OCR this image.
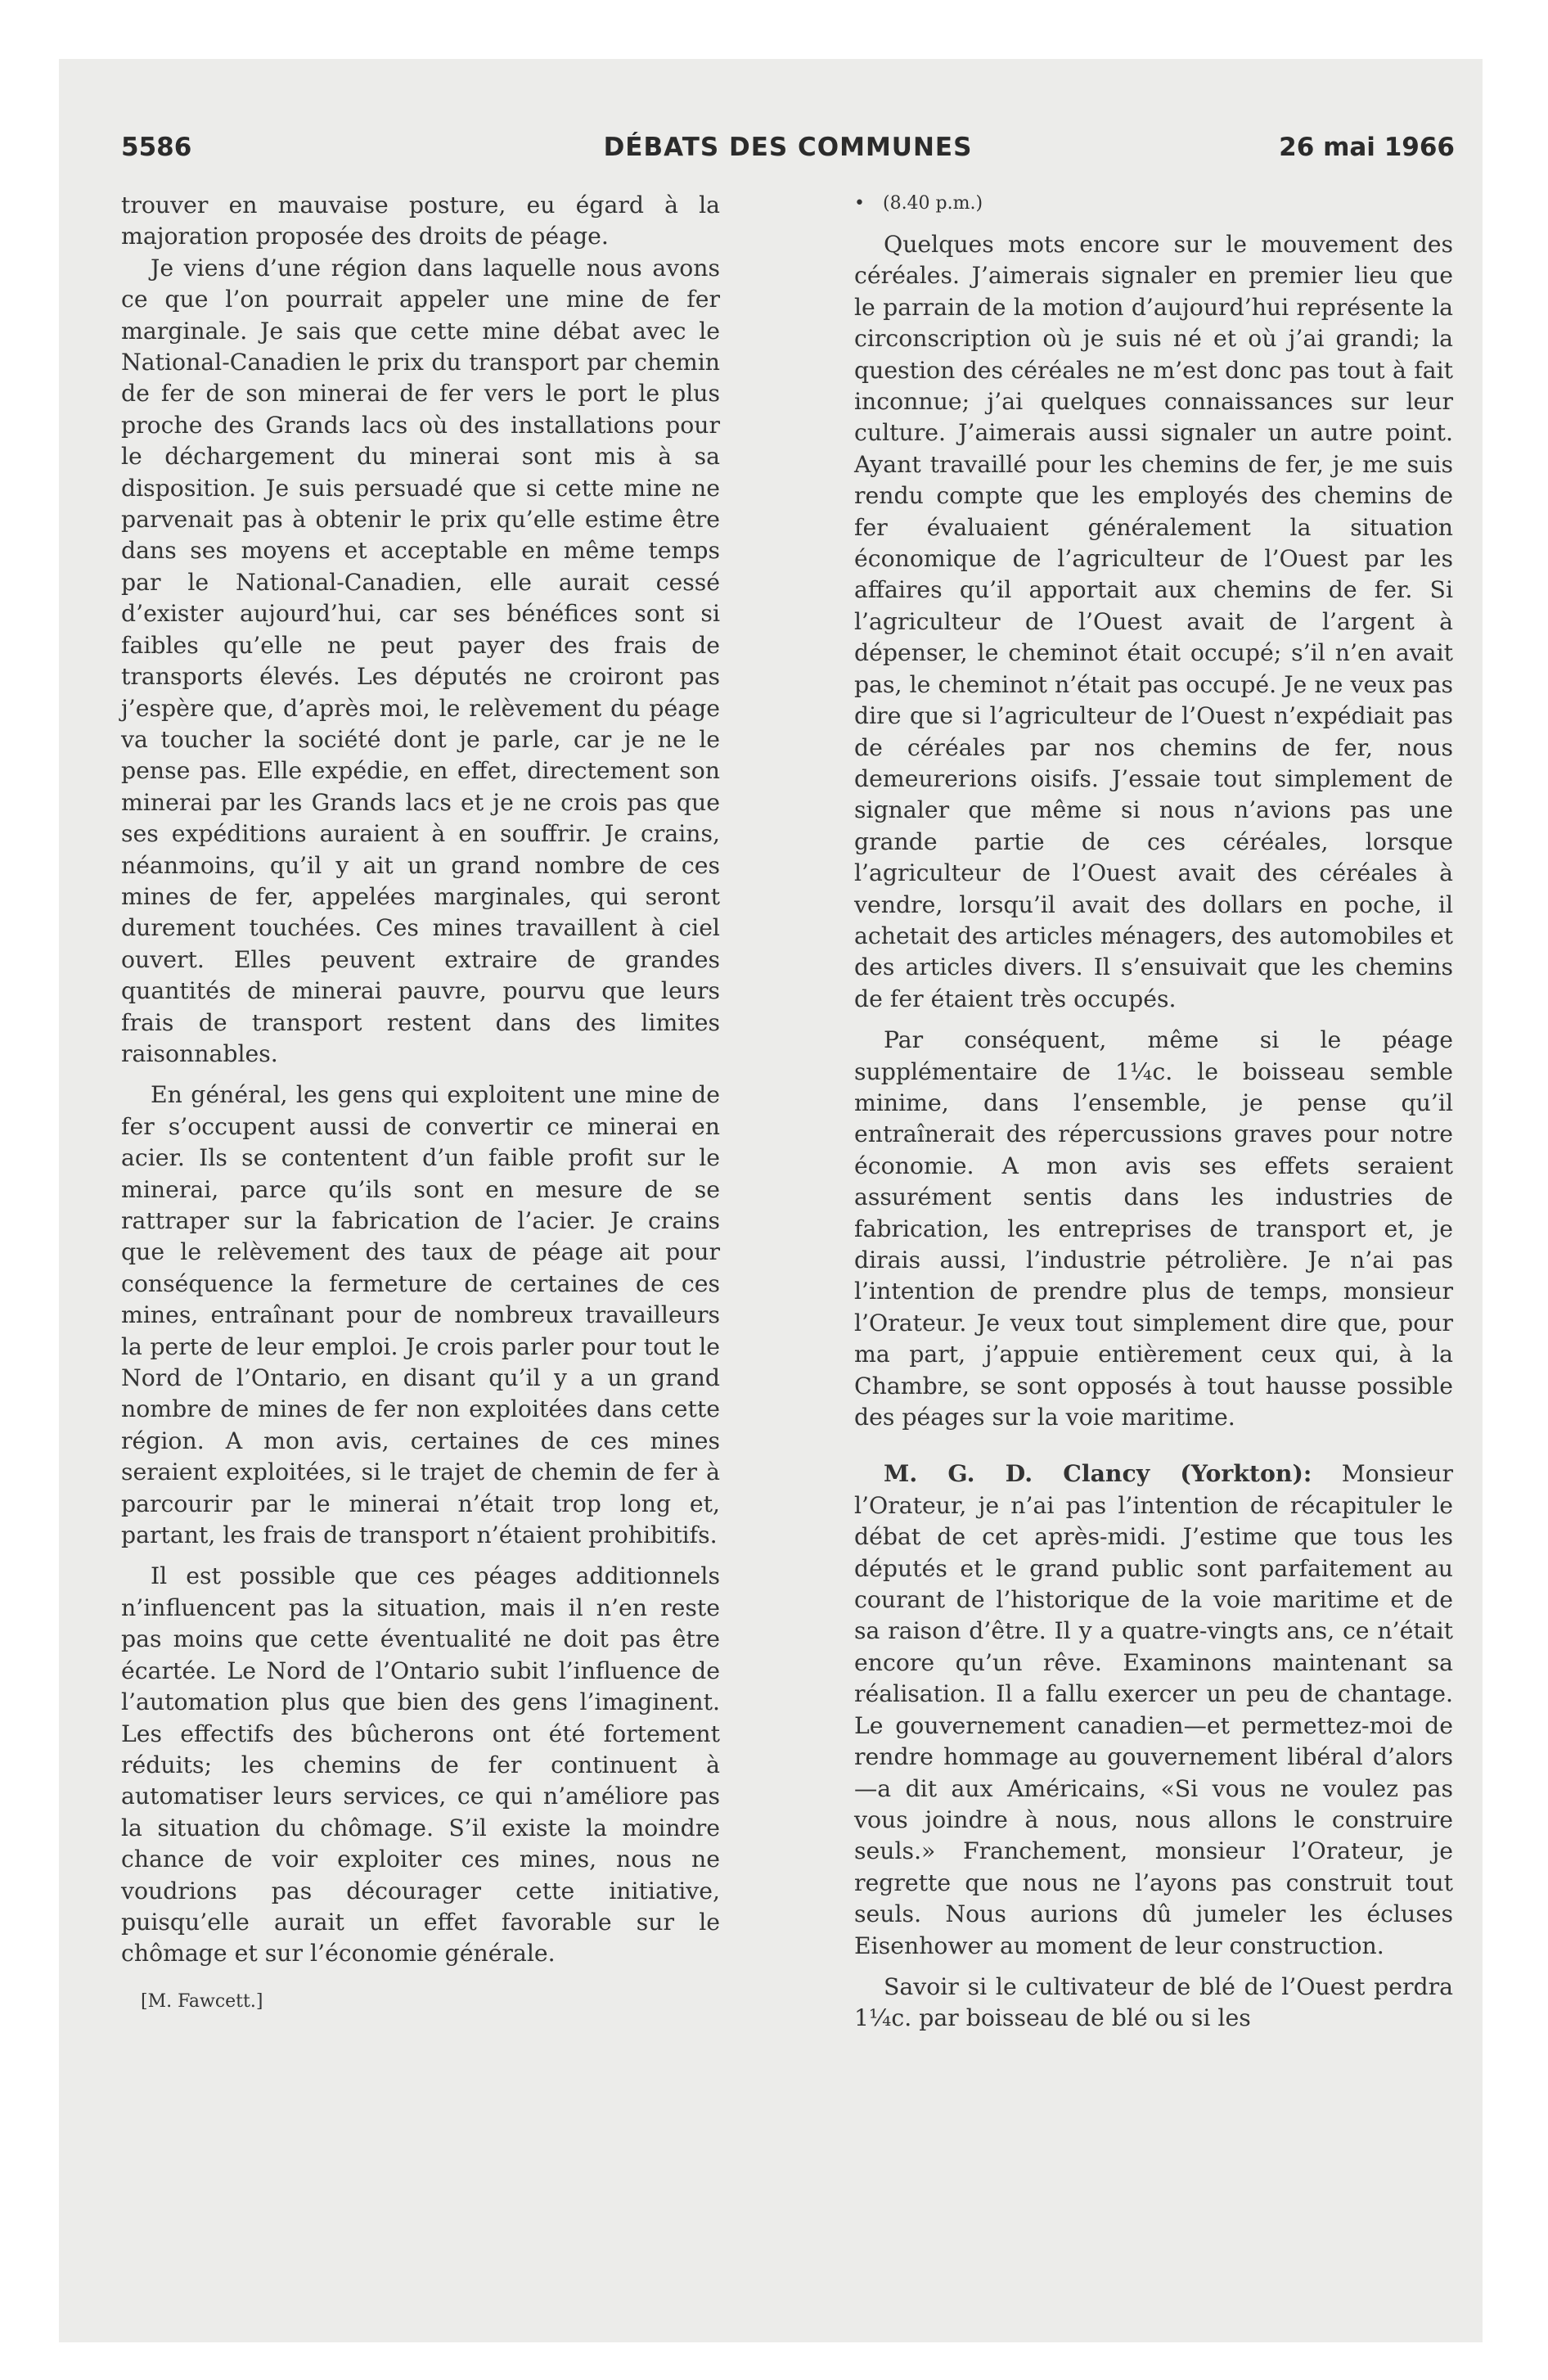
5586	DÉBATS DES COMMUNES	26 mai 1966

trouver en mauvaise posture, eu égard à la majoration proposée des droits de péage.

Je viens d’une région dans laquelle nous avons ce que l’on pourrait appeler une mine de fer marginale. Je sais que cette mine débat avec le National-Canadien le prix du transport par chemin de fer de son minerai de fer vers le port le plus proche des Grands lacs où des installations pour le déchargement du minerai sont mis à sa disposition. Je suis persuadé que si cette mine ne parvenait pas à obtenir le prix qu’elle estime être dans ses moyens et acceptable en même temps par le National-Canadien, elle aurait cessé d’exister aujourd’hui, car ses bénéfices sont si faibles qu’elle ne peut payer des frais de transports élevés. Les députés ne croiront pas j’espère que, d’après moi, le relèvement du péage va toucher la société dont je parle, car je ne le pense pas. Elle expédie, en effet, directement son minerai par les Grands lacs et je ne crois pas que ses expéditions auraient à en souffrir. Je crains, néanmoins, qu’il y ait un grand nombre de ces mines de fer, appelées marginales, qui seront durement touchées. Ces mines travaillent à ciel ouvert. Elles peuvent extraire de grandes quantités de minerai pauvre, pourvu que leurs frais de transport restent dans des limites raisonnables.

En général, les gens qui exploitent une mine de fer s’occupent aussi de convertir ce minerai en acier. Ils se contentent d’un faible profit sur le minerai, parce qu’ils sont en mesure de se rattraper sur la fabrication de l’acier. Je crains que le relèvement des taux de péage ait pour conséquence la fermeture de certaines de ces mines, entraînant pour de nombreux travailleurs la perte de leur emploi. Je crois parler pour tout le Nord de l’Ontario, en disant qu’il y a un grand nombre de mines de fer non exploitées dans cette région. A mon avis, certaines de ces mines seraient exploitées, si le trajet de chemin de fer à parcourir par le minerai n’était trop long et, partant, les frais de transport n’étaient prohibitifs.

Il est possible que ces péages additionnels n’influencent pas la situation, mais il n’en reste pas moins que cette éventualité ne doit pas être écartée. Le Nord de l’Ontario subit l’influence de l’automation plus que bien des gens l’imaginent. Les effectifs des bûcherons ont été fortement réduits; les chemins de fer continuent à automatiser leurs services, ce qui n’améliore pas la situation du chômage. S’il existe la moindre chance de voir exploiter ces mines, nous ne voudrions pas décourager cette initiative, puisqu’elle aurait un effet favorable sur le chômage et sur l’économie générale.

[M. Fawcett.]

• (8.40 p.m.)

Quelques mots encore sur le mouvement des céréales. J’aimerais signaler en premier lieu que le parrain de la motion d’aujourd’hui représente la circonscription où je suis né et où j’ai grandi; la question des céréales ne m’est donc pas tout à fait inconnue; j’ai quelques connaissances sur leur culture. J’aimerais aussi signaler un autre point. Ayant travaillé pour les chemins de fer, je me suis rendu compte que les employés des chemins de fer évaluaient généralement la situation économique de l’agriculteur de l’Ouest par les affaires qu’il apportait aux chemins de fer. Si l’agriculteur de l’Ouest avait de l’argent à dépenser, le cheminot était occupé; s’il n’en avait pas, le cheminot n’était pas occupé. Je ne veux pas dire que si l’agriculteur de l’Ouest n’expédiait pas de céréales par nos chemins de fer, nous demeurerions oisifs. J’essaie tout simplement de signaler que même si nous n’avions pas une grande partie de ces céréales, lorsque l’agriculteur de l’Ouest avait des céréales à vendre, lorsqu’il avait des dollars en poche, il achetait des articles ménagers, des automobiles et des articles divers. Il s’ensuivait que les chemins de fer étaient très occupés.

Par conséquent, même si le péage supplémentaire de 1¼c. le boisseau semble minime, dans l’ensemble, je pense qu’il entraînerait des répercussions graves pour notre économie. A mon avis ses effets seraient assurément sentis dans les industries de fabrication, les entreprises de transport et, je dirais aussi, l’industrie pétrolière. Je n’ai pas l’intention de prendre plus de temps, monsieur l’Orateur. Je veux tout simplement dire que, pour ma part, j’appuie entièrement ceux qui, à la Chambre, se sont opposés à tout hausse possible des péages sur la voie maritime.

M. G. D. Clancy (Yorkton): Monsieur l’Orateur, je n’ai pas l’intention de récapituler le débat de cet après-midi. J’estime que tous les députés et le grand public sont parfaitement au courant de l’historique de la voie maritime et de sa raison d’être. Il y a quatre-vingts ans, ce n’était encore qu’un rêve. Examinons maintenant sa réalisation. Il a fallu exercer un peu de chantage. Le gouvernement canadien—et permettez-moi de rendre hommage au gouvernement libéral d’alors—a dit aux Américains, «Si vous ne voulez pas vous joindre à nous, nous allons le construire seuls.» Franchement, monsieur l’Orateur, je regrette que nous ne l’ayons pas construit tout seuls. Nous aurions dû jumeler les écluses Eisenhower au moment de leur construction.

Savoir si le cultivateur de blé de l’Ouest perdra 1¼c. par boisseau de blé ou si les
